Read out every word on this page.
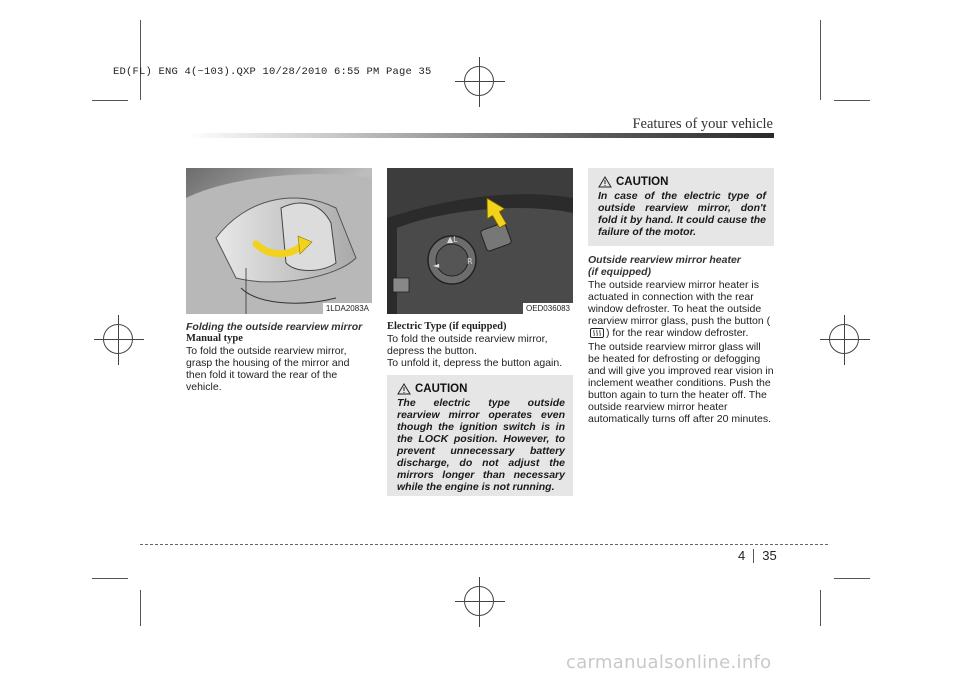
ED(FL) ENG 4(~103).QXP 10/28/2010 6:55 PM Page 35
Features of your vehicle
1LDA2083A
▲L
R
◄
OED036083

Folding the outside rearview mirror

Manual type

To fold the outside rearview mirror, grasp the housing of the mirror and then fold it toward the rear of the vehicle.

Electric Type (if equipped)

To fold the outside rearview mirror, depress the button.

To unfold it, depress the button again.

CAUTION
The electric type outside rearview mirror operates even though the ignition switch is in the LOCK position. However, to prevent unnecessary battery discharge, do not adjust the mirrors longer than necessary while the engine is not running.
CAUTION
In case of the electric type of outside rearview mirror, don't fold it by hand. It could cause the failure of the motor.

Outside rearview mirror heater

(if equipped)

The outside rearview mirror heater is actuated in connection with the rear window defroster. To heat the outside rearview mirror glass, push the button () for the rear window defroster.

The outside rearview mirror glass will be heated for defrosting or defogging and will give you improved rear vision in inclement weather conditions. Push the button again to turn the heater off. The outside rearview mirror heater automatically turns off after 20 minutes.

4 35
carmanualsonline.info
